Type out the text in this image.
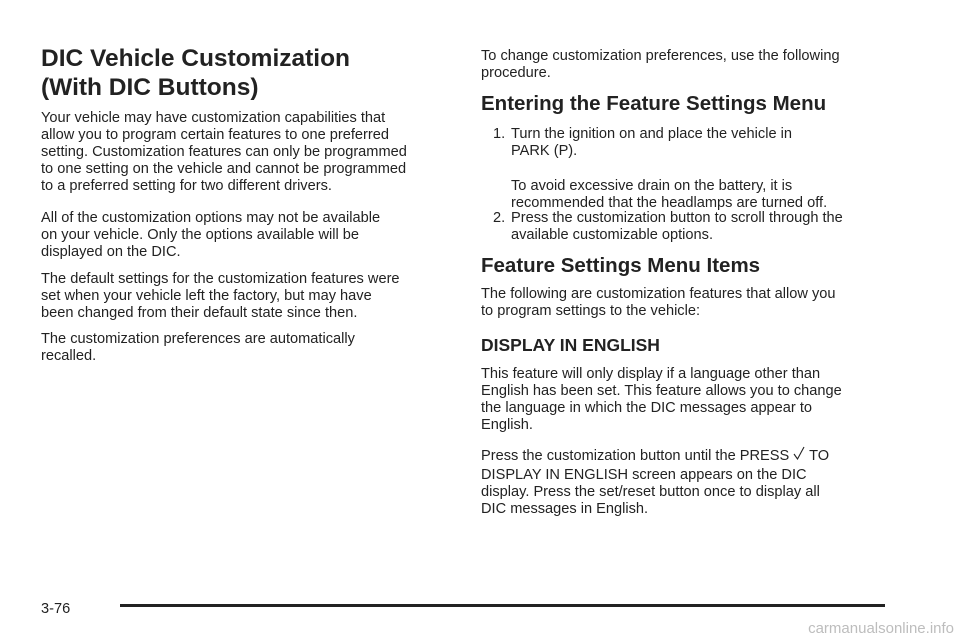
DIC Vehicle Customization
(With DIC Buttons)

Your vehicle may have customization capabilities that

allow you to program certain features to one preferred

setting. Customization features can only be programmed

to one setting on the vehicle and cannot be programmed

to a preferred setting for two different drivers.

All of the customization options may not be available

on your vehicle. Only the options available will be

displayed on the DIC.

The default settings for the customization features were

set when your vehicle left the factory, but may have

been changed from their default state since then.

The customization preferences are automatically

recalled.

To change customization preferences, use the following

procedure.

Entering the Feature Settings Menu
1. Turn the ignition on and place the vehicle in

PARK (P).

To avoid excessive drain on the battery, it is

recommended that the headlamps are turned off.

2. Press the customization button to scroll through the

available customizable options.

Feature Settings Menu Items

The following are customization features that allow you

to program settings to the vehicle:

DISPLAY IN ENGLISH

This feature will only display if a language other than

English has been set. This feature allows you to change

the language in which the DIC messages appear to

English.

Press the customization button until the PRESS TO

DISPLAY IN ENGLISH screen appears on the DIC

display. Press the set/reset button once to display all

DIC messages in English.

3-76
carmanualsonline.info
